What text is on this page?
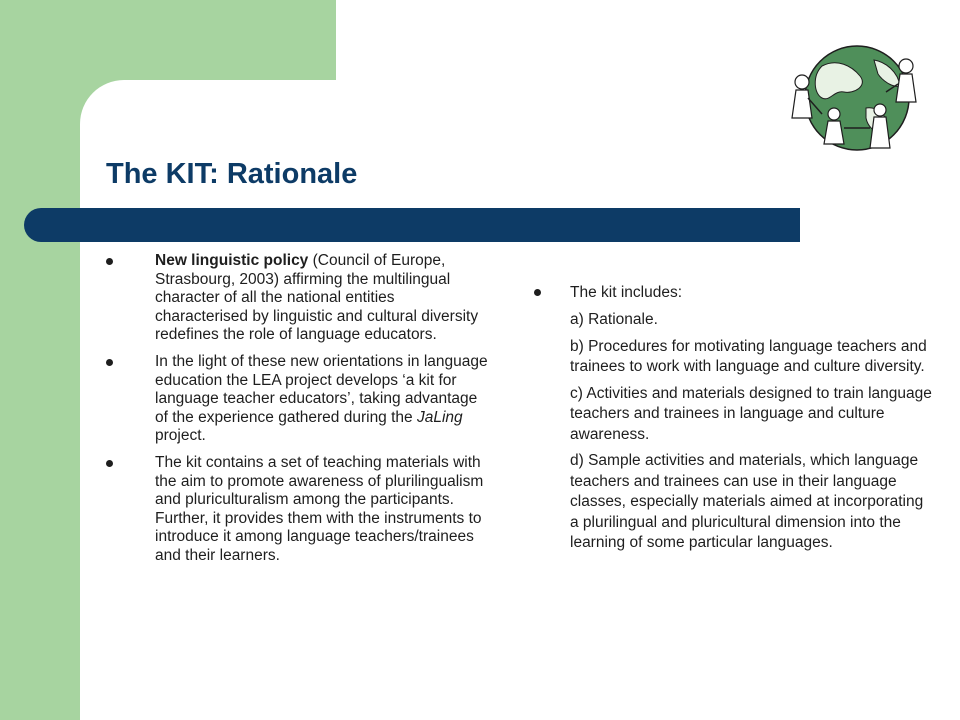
The KIT: Rationale
New linguistic policy (Council of Europe, Strasbourg, 2003) affirming the multilingual character of all the national entities characterised by linguistic and cultural diversity redefines the role of language educators.
In the light of these new orientations in language education the LEA project develops ‘a kit for language teacher educators’, taking advantage of the experience gathered during the JaLing project.
The kit contains a set of teaching materials with the aim to promote awareness of plurilingualism and pluriculturalism among the participants. Further, it provides them with the instruments to introduce it among language teachers/trainees and their learners.

The kit includes:

a) Rationale.

b) Procedures for motivating language teachers and trainees to work with language and culture diversity.

c) Activities and materials designed to train language teachers and trainees in language and culture awareness.

d) Sample activities and materials, which language teachers and trainees can use in their language classes, especially materials aimed at incorporating a plurilingual and pluricultural dimension into the learning of some particular languages.
